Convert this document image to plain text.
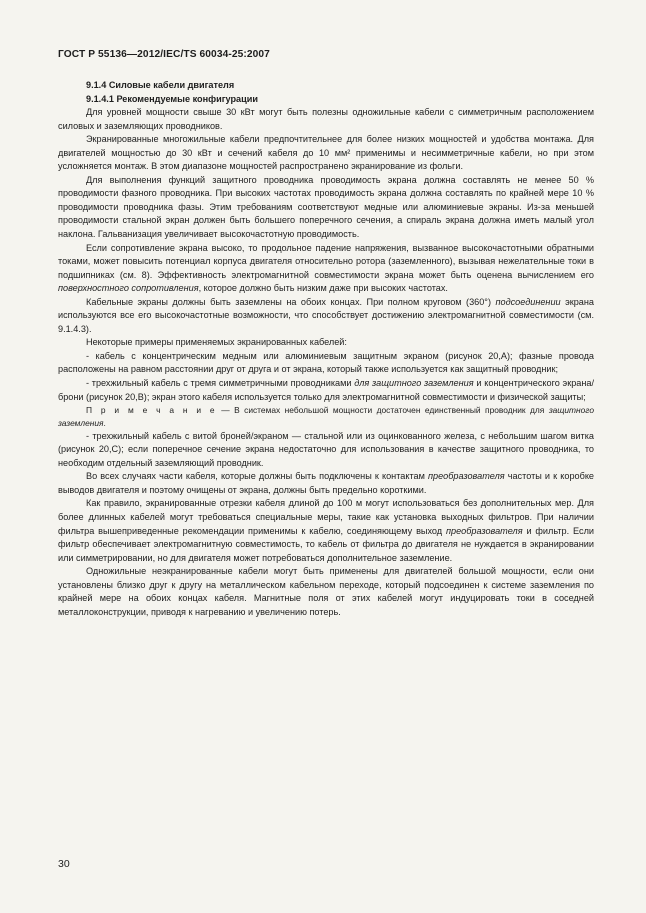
ГОСТ Р 55136—2012/IEC/TS 60034-25:2007

9.1.4 Силовые кабели двигателя

9.1.4.1 Рекомендуемые конфигурации

Для уровней мощности свыше 30 кВт могут быть полезны одножильные кабели с симметричным расположением силовых и заземляющих проводников.

Экранированные многожильные кабели предпочтительнее для более низких мощностей и удобства монтажа. Для двигателей мощностью до 30 кВт и сечений кабеля до 10 мм² применимы и несимметричные кабели, но при этом усложняется монтаж. В этом диапазоне мощностей распространено экранирование из фольги.

Для выполнения функций защитного проводника проводимость экрана должна составлять не менее 50 % проводимости фазного проводника. При высоких частотах проводимость экрана должна составлять по крайней мере 10 % проводимости проводника фазы. Этим требованиям соответствуют медные или алюминиевые экраны. Из-за меньшей проводимости стальной экран должен быть большего поперечного сечения, а спираль экрана должна иметь малый угол наклона. Гальванизация увеличивает высокочастотную проводимость.

Если сопротивление экрана высоко, то продольное падение напряжения, вызванное высокочастотными обратными токами, может повысить потенциал корпуса двигателя относительно ротора (заземленного), вызывая нежелательные токи в подшипниках (см. 8). Эффективность электромагнитной совместимости экрана может быть оценена вычислением его поверхностного сопротивления, которое должно быть низким даже при высоких частотах.

Кабельные экраны должны быть заземлены на обоих концах. При полном круговом (360°) подсоединении экрана используются все его высокочастотные возможности, что способствует достижению электромагнитной совместимости (см. 9.1.4.3).

Некоторые примеры применяемых экранированных кабелей:

- кабель с концентрическим медным или алюминиевым защитным экраном (рисунок 20,А); фазные провода расположены на равном расстоянии друг от друга и от экрана, который также используется как защитный проводник;

- трехжильный кабель с тремя симметричными проводниками для защитного заземления и концентрического экрана/брони (рисунок 20,В); экран этого кабеля используется только для электромагнитной совместимости и физической защиты;

П р и м е ч а н и е — В системах небольшой мощности достаточен единственный проводник для защитного заземления.

- трехжильный кабель с витой броней/экраном — стальной или из оцинкованного железа, с небольшим шагом витка (рисунок 20,С); если поперечное сечение экрана недостаточно для использования в качестве защитного проводника, то необходим отдельный заземляющий проводник.

Во всех случаях части кабеля, которые должны быть подключены к контактам преобразователя частоты и к коробке выводов двигателя и поэтому очищены от экрана, должны быть предельно короткими.

Как правило, экранированные отрезки кабеля длиной до 100 м могут использоваться без дополнительных мер. Для более длинных кабелей могут требоваться специальные меры, такие как установка выходных фильтров. При наличии фильтра вышеприведенные рекомендации применимы к кабелю, соединяющему выход преобразователя и фильтр. Если фильтр обеспечивает электромагнитную совместимость, то кабель от фильтра до двигателя не нуждается в экранировании или симметрировании, но для двигателя может потребоваться дополнительное заземление.

Одножильные неэкранированные кабели могут быть применены для двигателей большой мощности, если они установлены близко друг к другу на металлическом кабельном переходе, который подсоединен к системе заземления по крайней мере на обоих концах кабеля. Магнитные поля от этих кабелей могут индуцировать токи в соседней металлоконструкции, приводя к нагреванию и увеличению потерь.

30
